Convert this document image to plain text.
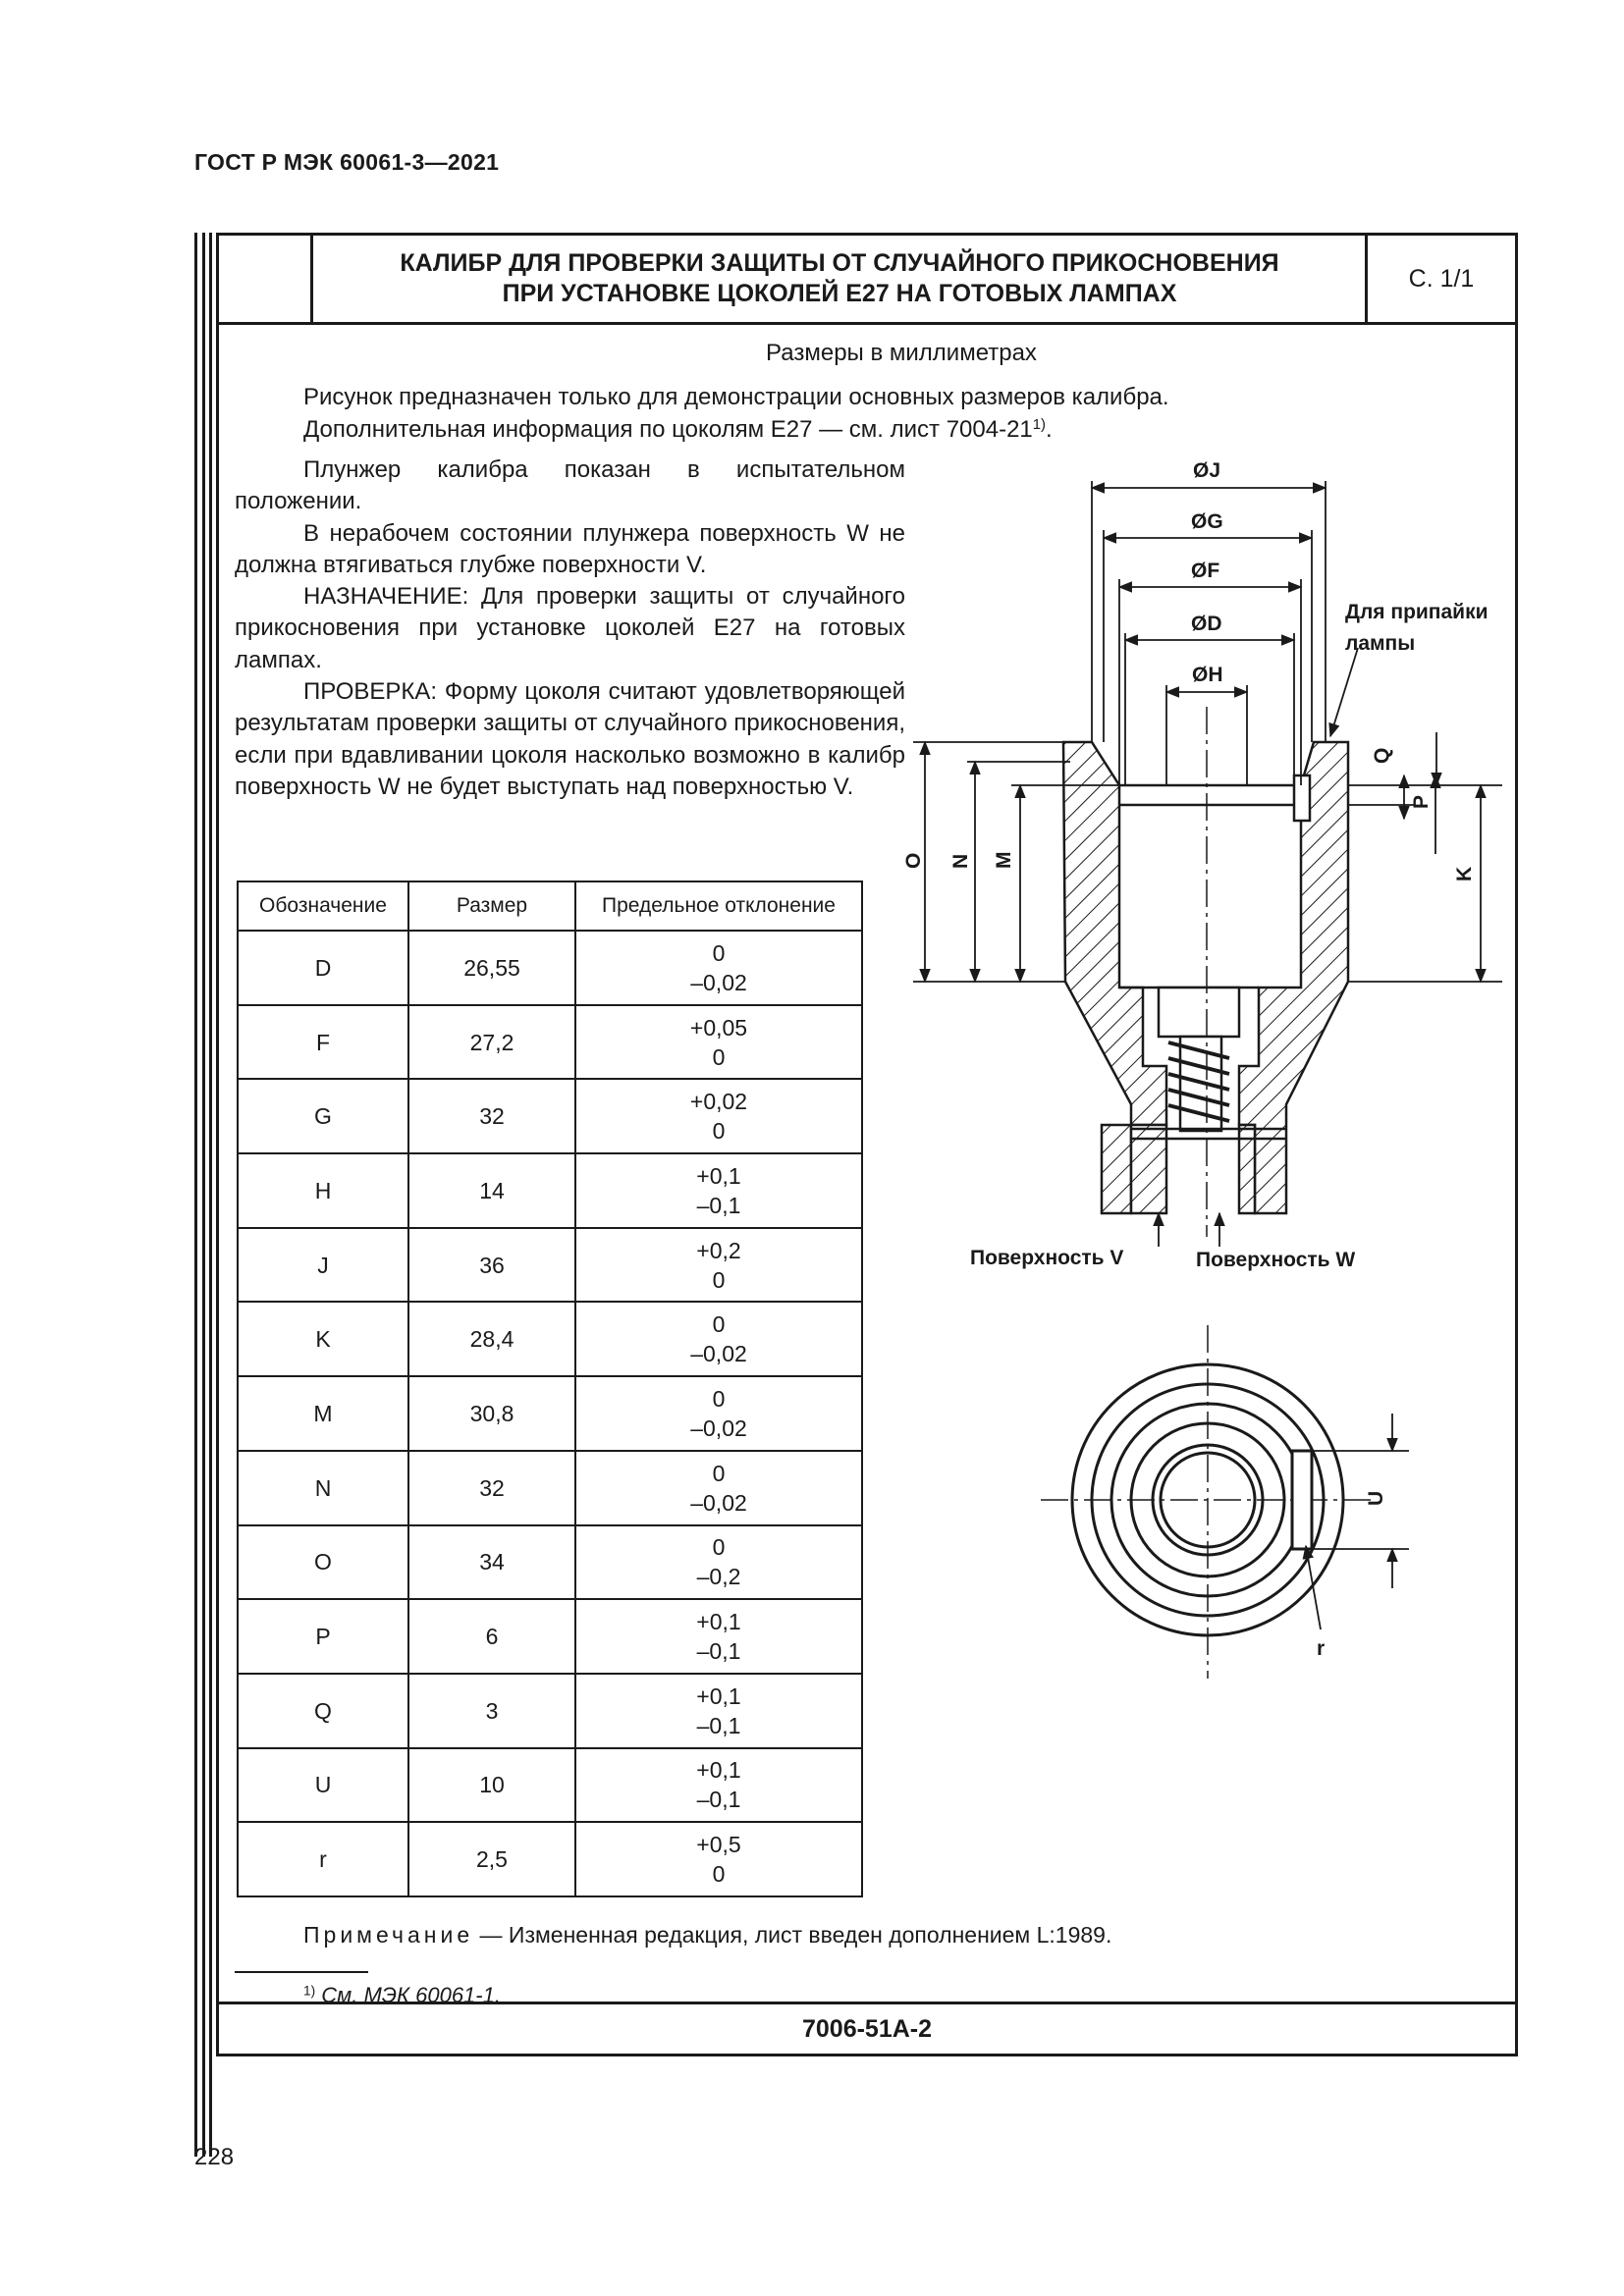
ГОСТ Р МЭК 60061-3—2021
КАЛИБР ДЛЯ ПРОВЕРКИ ЗАЩИТЫ ОТ СЛУЧАЙНОГО ПРИКОСНОВЕНИЯ
ПРИ УСТАНОВКЕ ЦОКОЛЕЙ Е27 НА ГОТОВЫХ ЛАМПАХ
С. 1/1
Размеры в миллиметрах
Рисунок предназначен только для демонстрации основных размеров калибра.
Дополнительная информация по цоколям Е27 — см. лист 7004-21$^{1)}$.

Плунжер калибра показан в испытательном положении.

В нерабочем состоянии плунжера поверхность W не должна втягиваться глубже поверхности V.

НАЗНАЧЕНИЕ: Для проверки защиты от случайного прикосновения при установке цоколей Е27 на готовых лампах.

ПРОВЕРКА: Форму цоколя считают удовлетворяющей результатам проверки защиты от случайного прикосновения, если при вдавливании цоколя насколько возможно в калибр поверхность W не будет выступать над поверхностью V.

Обозначение	Размер	Предельное отклонение
D	26,55	0
–0,02

F	27,2	+0,05
0

G	32	+0,02
0

H	14	+0,1
–0,1

J	36	+0,2
0

K	28,4	0
–0,02

M	30,8	0
–0,02

N	32	0
–0,02

O	34	0
–0,2

P	6	+0,1
–0,1

Q	3	+0,1
–0,1

U	10	+0,1
–0,1

r	2,5	+0,5
0
Примечание — Измененная редакция, лист введен дополнением L:1989.
$^{1)}$ См. МЭК 60061-1.
7006-51А-2
ØJ
ØG
ØF
ØD
ØH
Для припайки
лампы
O N M
Q
P
K
Поверхность V	Поверхность W
U
r
228
